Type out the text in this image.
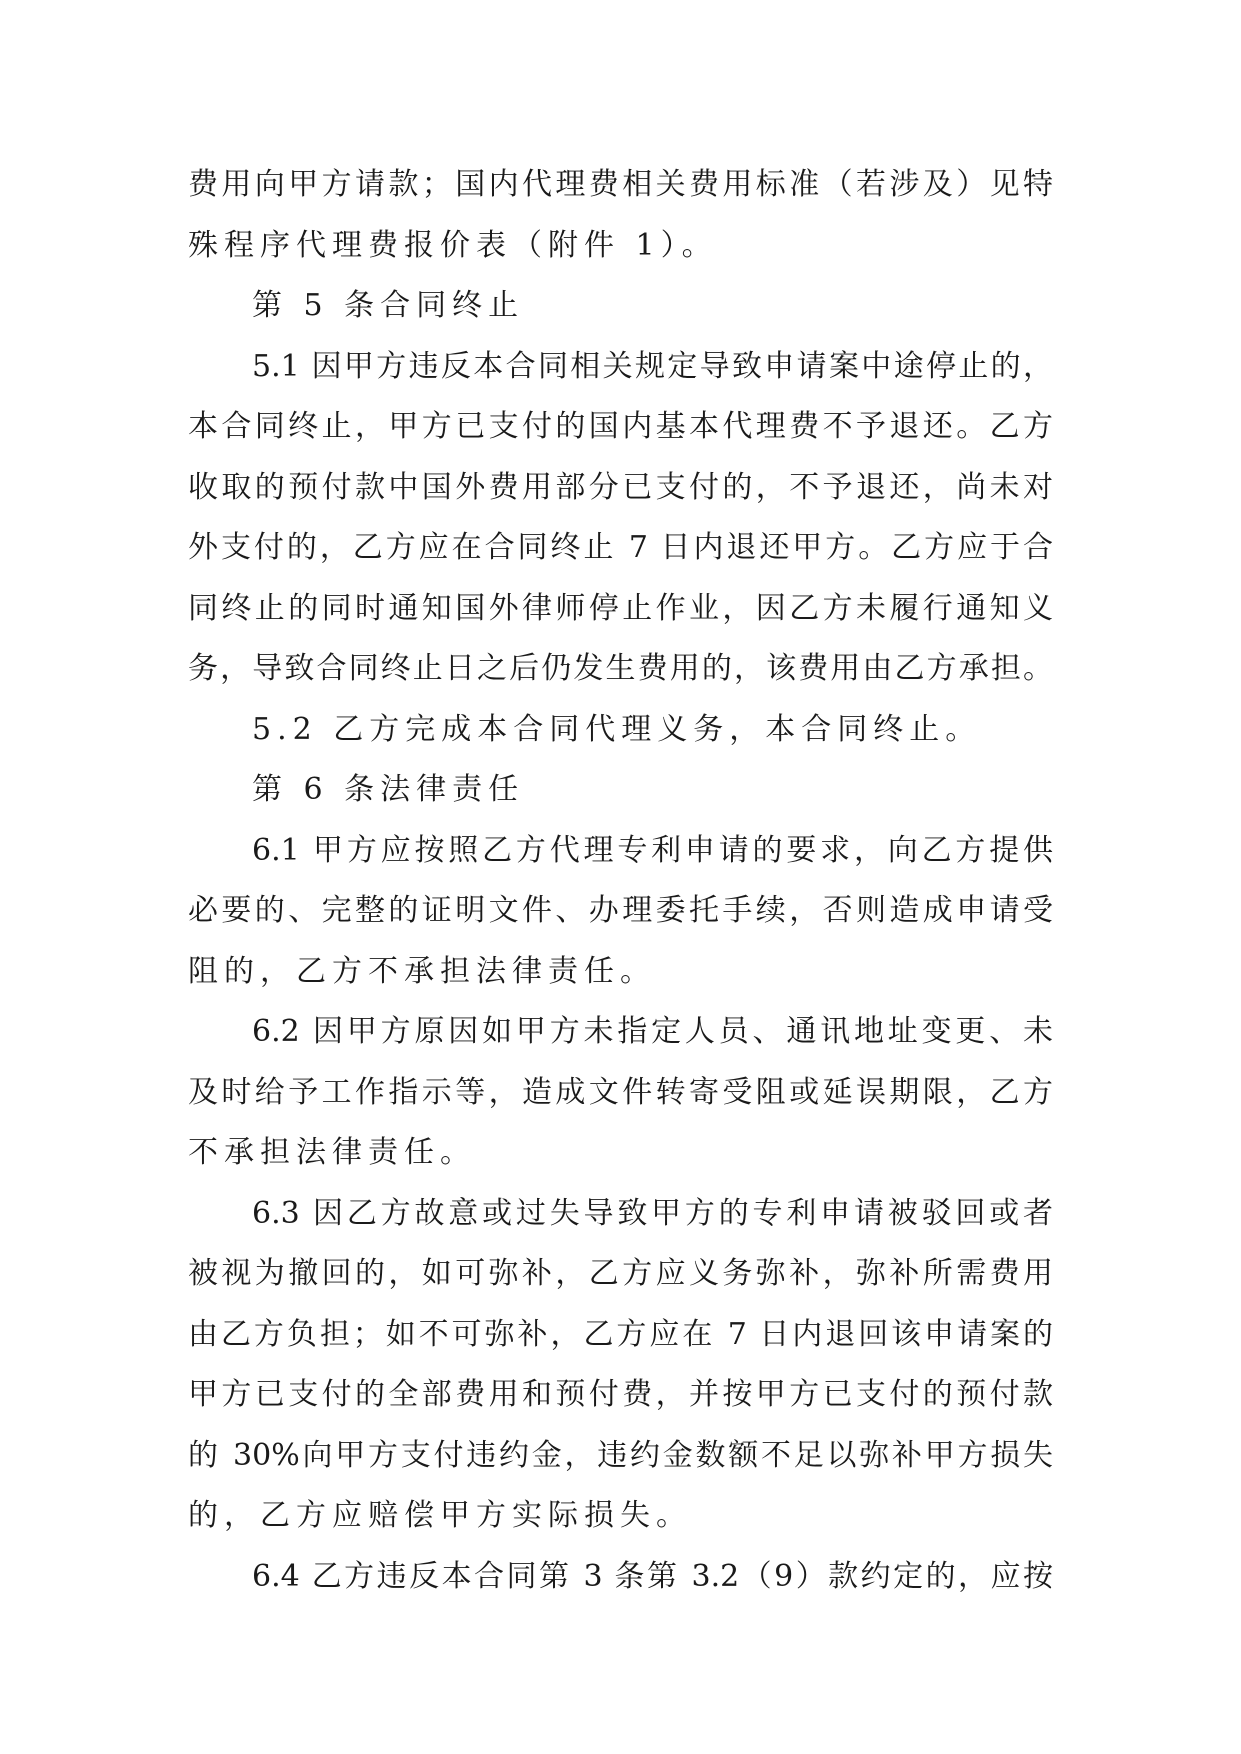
费用向甲方请款；国内代理费相关费用标准（若涉及）见特
殊程序代理费报价表（附件 1）。
第 5 条合同终止
5.1 因甲方违反本合同相关规定导致申请案中途停止的，
本合同终止，甲方已支付的国内基本代理费不予退还。乙方
收取的预付款中国外费用部分已支付的，不予退还，尚未对
外支付的，乙方应在合同终止 7 日内退还甲方。乙方应于合
同终止的同时通知国外律师停止作业，因乙方未履行通知义
务，导致合同终止日之后仍发生费用的，该费用由乙方承担。
5.2 乙方完成本合同代理义务，本合同终止。
第 6 条法律责任
6.1 甲方应按照乙方代理专利申请的要求，向乙方提供
必要的、完整的证明文件、办理委托手续，否则造成申请受
阻的，乙方不承担法律责任。
6.2 因甲方原因如甲方未指定人员、通讯地址变更、未
及时给予工作指示等，造成文件转寄受阻或延误期限，乙方
不承担法律责任。
6.3 因乙方故意或过失导致甲方的专利申请被驳回或者
被视为撤回的，如可弥补，乙方应义务弥补，弥补所需费用
由乙方负担；如不可弥补，乙方应在 7 日内退回该申请案的
甲方已支付的全部费用和预付费，并按甲方已支付的预付款
的 30%向甲方支付违约金，违约金数额不足以弥补甲方损失
的，乙方应赔偿甲方实际损失。
6.4 乙方违反本合同第 3 条第 3.2（9）款约定的，应按
